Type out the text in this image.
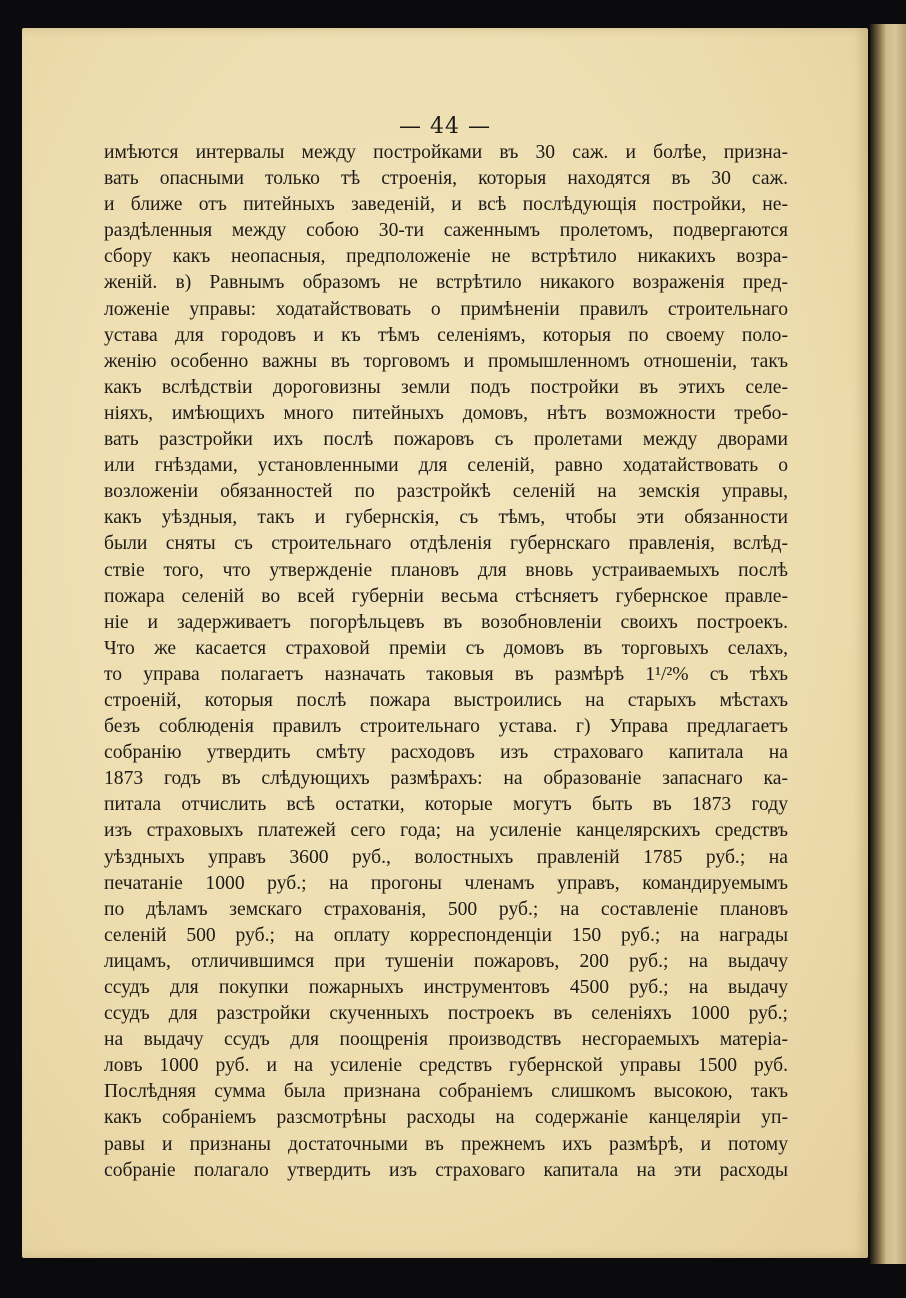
— 44 —
имѣются интервалы между постройками въ 30 саж. и болѣе, призна-
вать опасными только тѣ строенія, которыя находятся въ 30 саж.
и ближе отъ питейныхъ заведеній, и всѣ послѣдующія постройки, не-
раздѣленныя между собою 30-ти саженнымъ пролетомъ, подвергаются
сбору какъ неопасныя, предположеніе не встрѣтило никакихъ возра-
женій. в) Равнымъ образомъ не встрѣтило никакого возраженія пред-
ложеніе управы: ходатайствовать о примѣненіи правилъ строительнаго
устава для городовъ и къ тѣмъ селеніямъ, которыя по своему поло-
женію особенно важны въ торговомъ и промышленномъ отношеніи, такъ
какъ вслѣдствіи дороговизны земли подъ постройки въ этихъ селе-
ніяхъ, имѣющихъ много питейныхъ домовъ, нѣтъ возможности требо-
вать разстройки ихъ послѣ пожаровъ съ пролетами между дворами
или гнѣздами, установленными для селеній, равно ходатайствовать о
возложеніи обязанностей по разстройкѣ селеній на земскія управы,
какъ уѣздныя, такъ и губернскія, съ тѣмъ, чтобы эти обязанности
были сняты съ строительнаго отдѣленія губернскаго правленія, вслѣд-
ствіе того, что утвержденіе плановъ для вновь устраиваемыхъ послѣ
пожара селеній во всей губерніи весьма стѣсняетъ губернское правле-
ніе и задерживаетъ погорѣльцевъ въ возобновленіи своихъ построекъ.
Что же касается страховой преміи съ домовъ въ торговыхъ селахъ,
то управа полагаетъ назначать таковыя въ размѣрѣ 1¹/²% съ тѣхъ
строеній, которыя послѣ пожара выстроились на старыхъ мѣстахъ
безъ соблюденія правилъ строительнаго устава. г) Управа предлагаетъ
собранію утвердить смѣту расходовъ изъ страховаго капитала на
1873 годъ въ слѣдующихъ размѣрахъ: на образованіе запаснаго ка-
питала отчислить всѣ остатки, которые могутъ быть въ 1873 году
изъ страховыхъ платежей сего года; на усиленіе канцелярскихъ средствъ
уѣздныхъ управъ 3600 руб., волостныхъ правленій 1785 руб.; на
печатаніе 1000 руб.; на прогоны членамъ управъ, командируемымъ
по дѣламъ земскаго страхованія, 500 руб.; на составленіе плановъ
селеній 500 руб.; на оплату корреспонденціи 150 руб.; на награды
лицамъ, отличившимся при тушеніи пожаровъ, 200 руб.; на выдачу
ссудъ для покупки пожарныхъ инструментовъ 4500 руб.; на выдачу
ссудъ для разстройки скученныхъ построекъ въ селеніяхъ 1000 руб.;
на выдачу ссудъ для поощренія производствъ несгораемыхъ матеріа-
ловъ 1000 руб. и на усиленіе средствъ губернской управы 1500 руб.
Послѣдняя сумма была признана собраніемъ слишкомъ высокою, такъ
какъ собраніемъ разсмотрѣны расходы на содержаніе канцеляріи уп-
равы и признаны достаточными въ прежнемъ ихъ размѣрѣ, и потому
собраніе полагало утвердить изъ страховаго капитала на эти расходы
